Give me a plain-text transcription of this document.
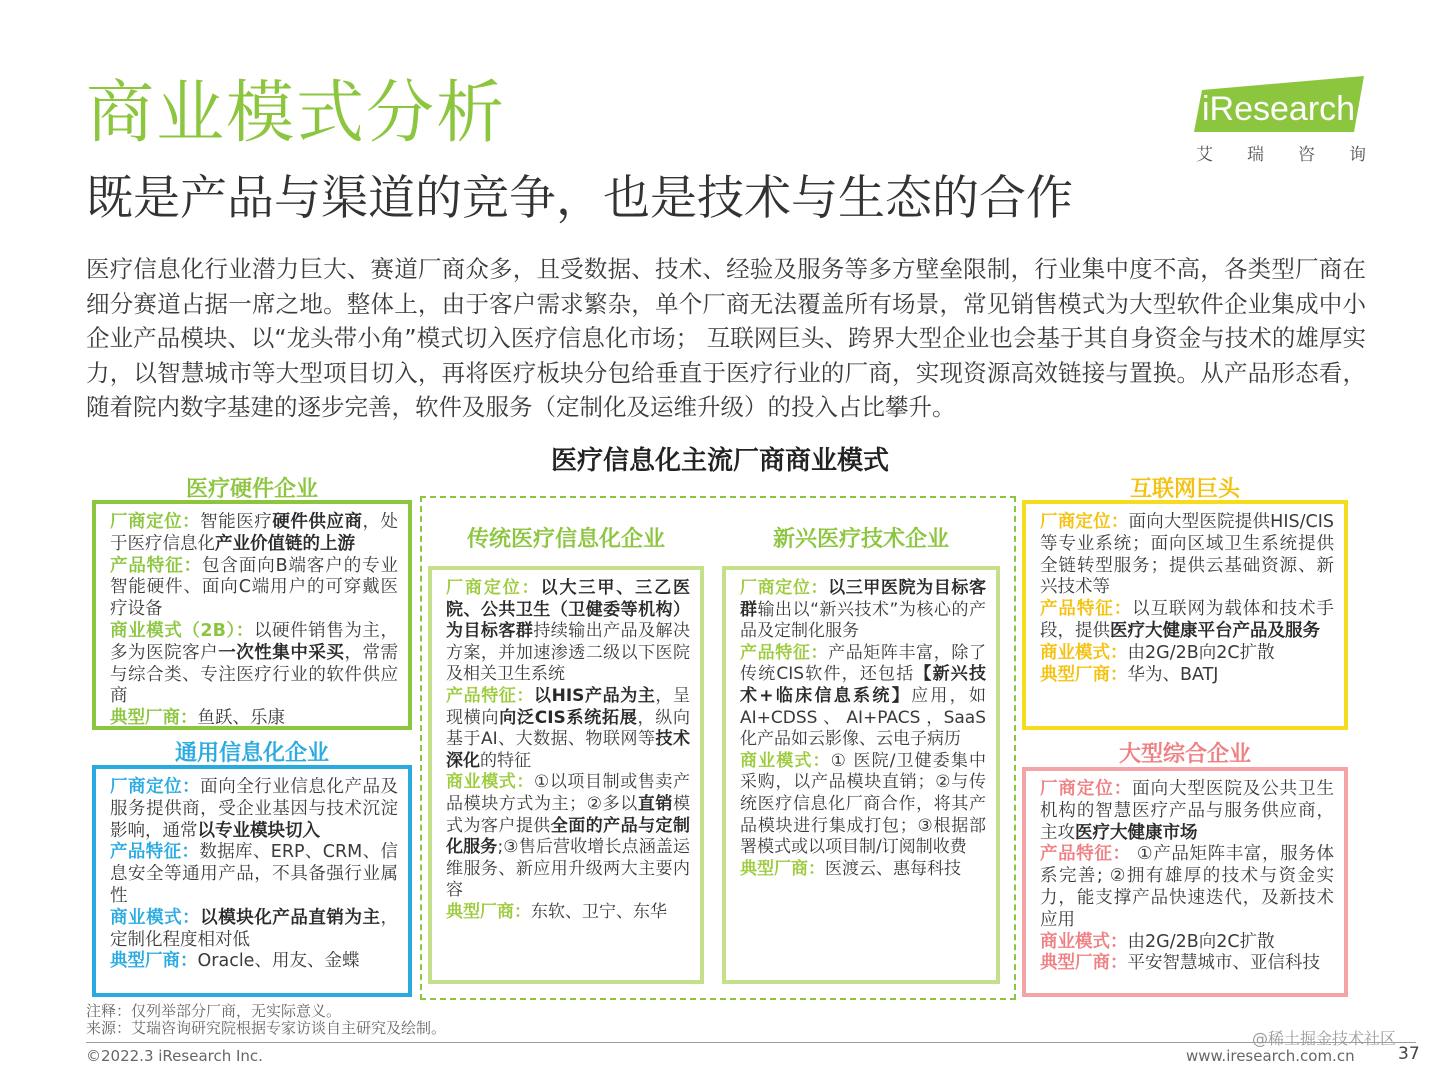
商业模式分析
既是产品与渠道的竞争，也是技术与生态的合作
iResearch
艾 瑞 咨 询
医疗信息化行业潜力巨大、赛道厂商众多，且受数据、技术、经验及服务等多方壁垒限制，行业集中度不高，各类型厂商在细分赛道占据一席之地。整体上，由于客户需求繁杂，单个厂商无法覆盖所有场景，常见销售模式为大型软件企业集成中小企业产品模块、以“龙头带小角”模式切入医疗信息化市场； 互联网巨头、跨界大型企业也会基于其自身资金与技术的雄厚实力，以智慧城市等大型项目切入，再将医疗板块分包给垂直于医疗行业的厂商，实现资源高效链接与置换。从产品形态看，随着院内数字基建的逐步完善，软件及服务（定制化及运维升级）的投入占比攀升。
医疗信息化主流厂商商业模式
医疗硬件企业

厂商定位：智能医疗硬件供应商，处于医疗信息化产业价值链的上游

产品特征：包含面向B端客户的专业智能硬件、面向C端用户的可穿戴医疗设备

商业模式（2B）：以硬件销售为主，多为医院客户一次性集中采买，常需与综合类、专注医疗行业的软件供应商

典型厂商：鱼跃、乐康

通用信息化企业

厂商定位：面向全行业信息化产品及服务提供商，受企业基因与技术沉淀影响，通常以专业模块切入

产品特征：数据库、ERP、CRM、信息安全等通用产品，不具备强行业属性

商业模式：以模块化产品直销为主，定制化程度相对低

典型厂商：Oracle、用友、金蝶

传统医疗信息化企业

厂商定位：以大三甲、三乙医院、公共卫生（卫健委等机构）为目标客群持续输出产品及解决方案，并加速渗透二级以下医院及相关卫生系统

产品特征：以HIS产品为主，呈现横向向泛CIS系统拓展，纵向基于AI、大数据、物联网等技术深化的特征

商业模式：①以项目制或售卖产品模块方式为主；②多以直销模式为客户提供全面的产品与定制化服务;③售后营收增长点涵盖运维服务、新应用升级两大主要内容

典型厂商：东软、卫宁、东华

新兴医疗技术企业

厂商定位：以三甲医院为目标客群输出以“新兴技术”为核心的产品及定制化服务

产品特征：产品矩阵丰富，除了传统CIS软件，还包括【新兴技术+临床信息系统】应用，如 AI+CDSS 、 AI+PACS ，SaaS 化产品如云影像、云电子病历

商业模式：① 医院/卫健委集中采购，以产品模块直销；②与传统医疗信息化厂商合作，将其产品模块进行集成打包；③根据部署模式或以项目制/订阅制收费

典型厂商：医渡云、惠每科技

互联网巨头

厂商定位：面向大型医院提供HIS/CIS等专业系统；面向区域卫生系统提供全链转型服务；提供云基础资源、新兴技术等

产品特征：以互联网为载体和技术手段，提供医疗大健康平台产品及服务

商业模式：由2G/2B向2C扩散

典型厂商：华为、BATJ

大型综合企业

厂商定位：面向大型医院及公共卫生机构的智慧医疗产品与服务供应商，主攻医疗大健康市场

产品特征： ①产品矩阵丰富，服务体系完善; ②拥有雄厚的技术与资金实力，能支撑产品快速迭代，及新技术应用

商业模式：由2G/2B向2C扩散

典型厂商：平安智慧城市、亚信科技

注释：仅列举部分厂商，无实际意义。
来源：艾瑞咨询研究院根据专家访谈自主研究及绘制。
©2022.3 iResearch Inc.
@稀土掘金技术社区
www.iresearch.com.cn	37
